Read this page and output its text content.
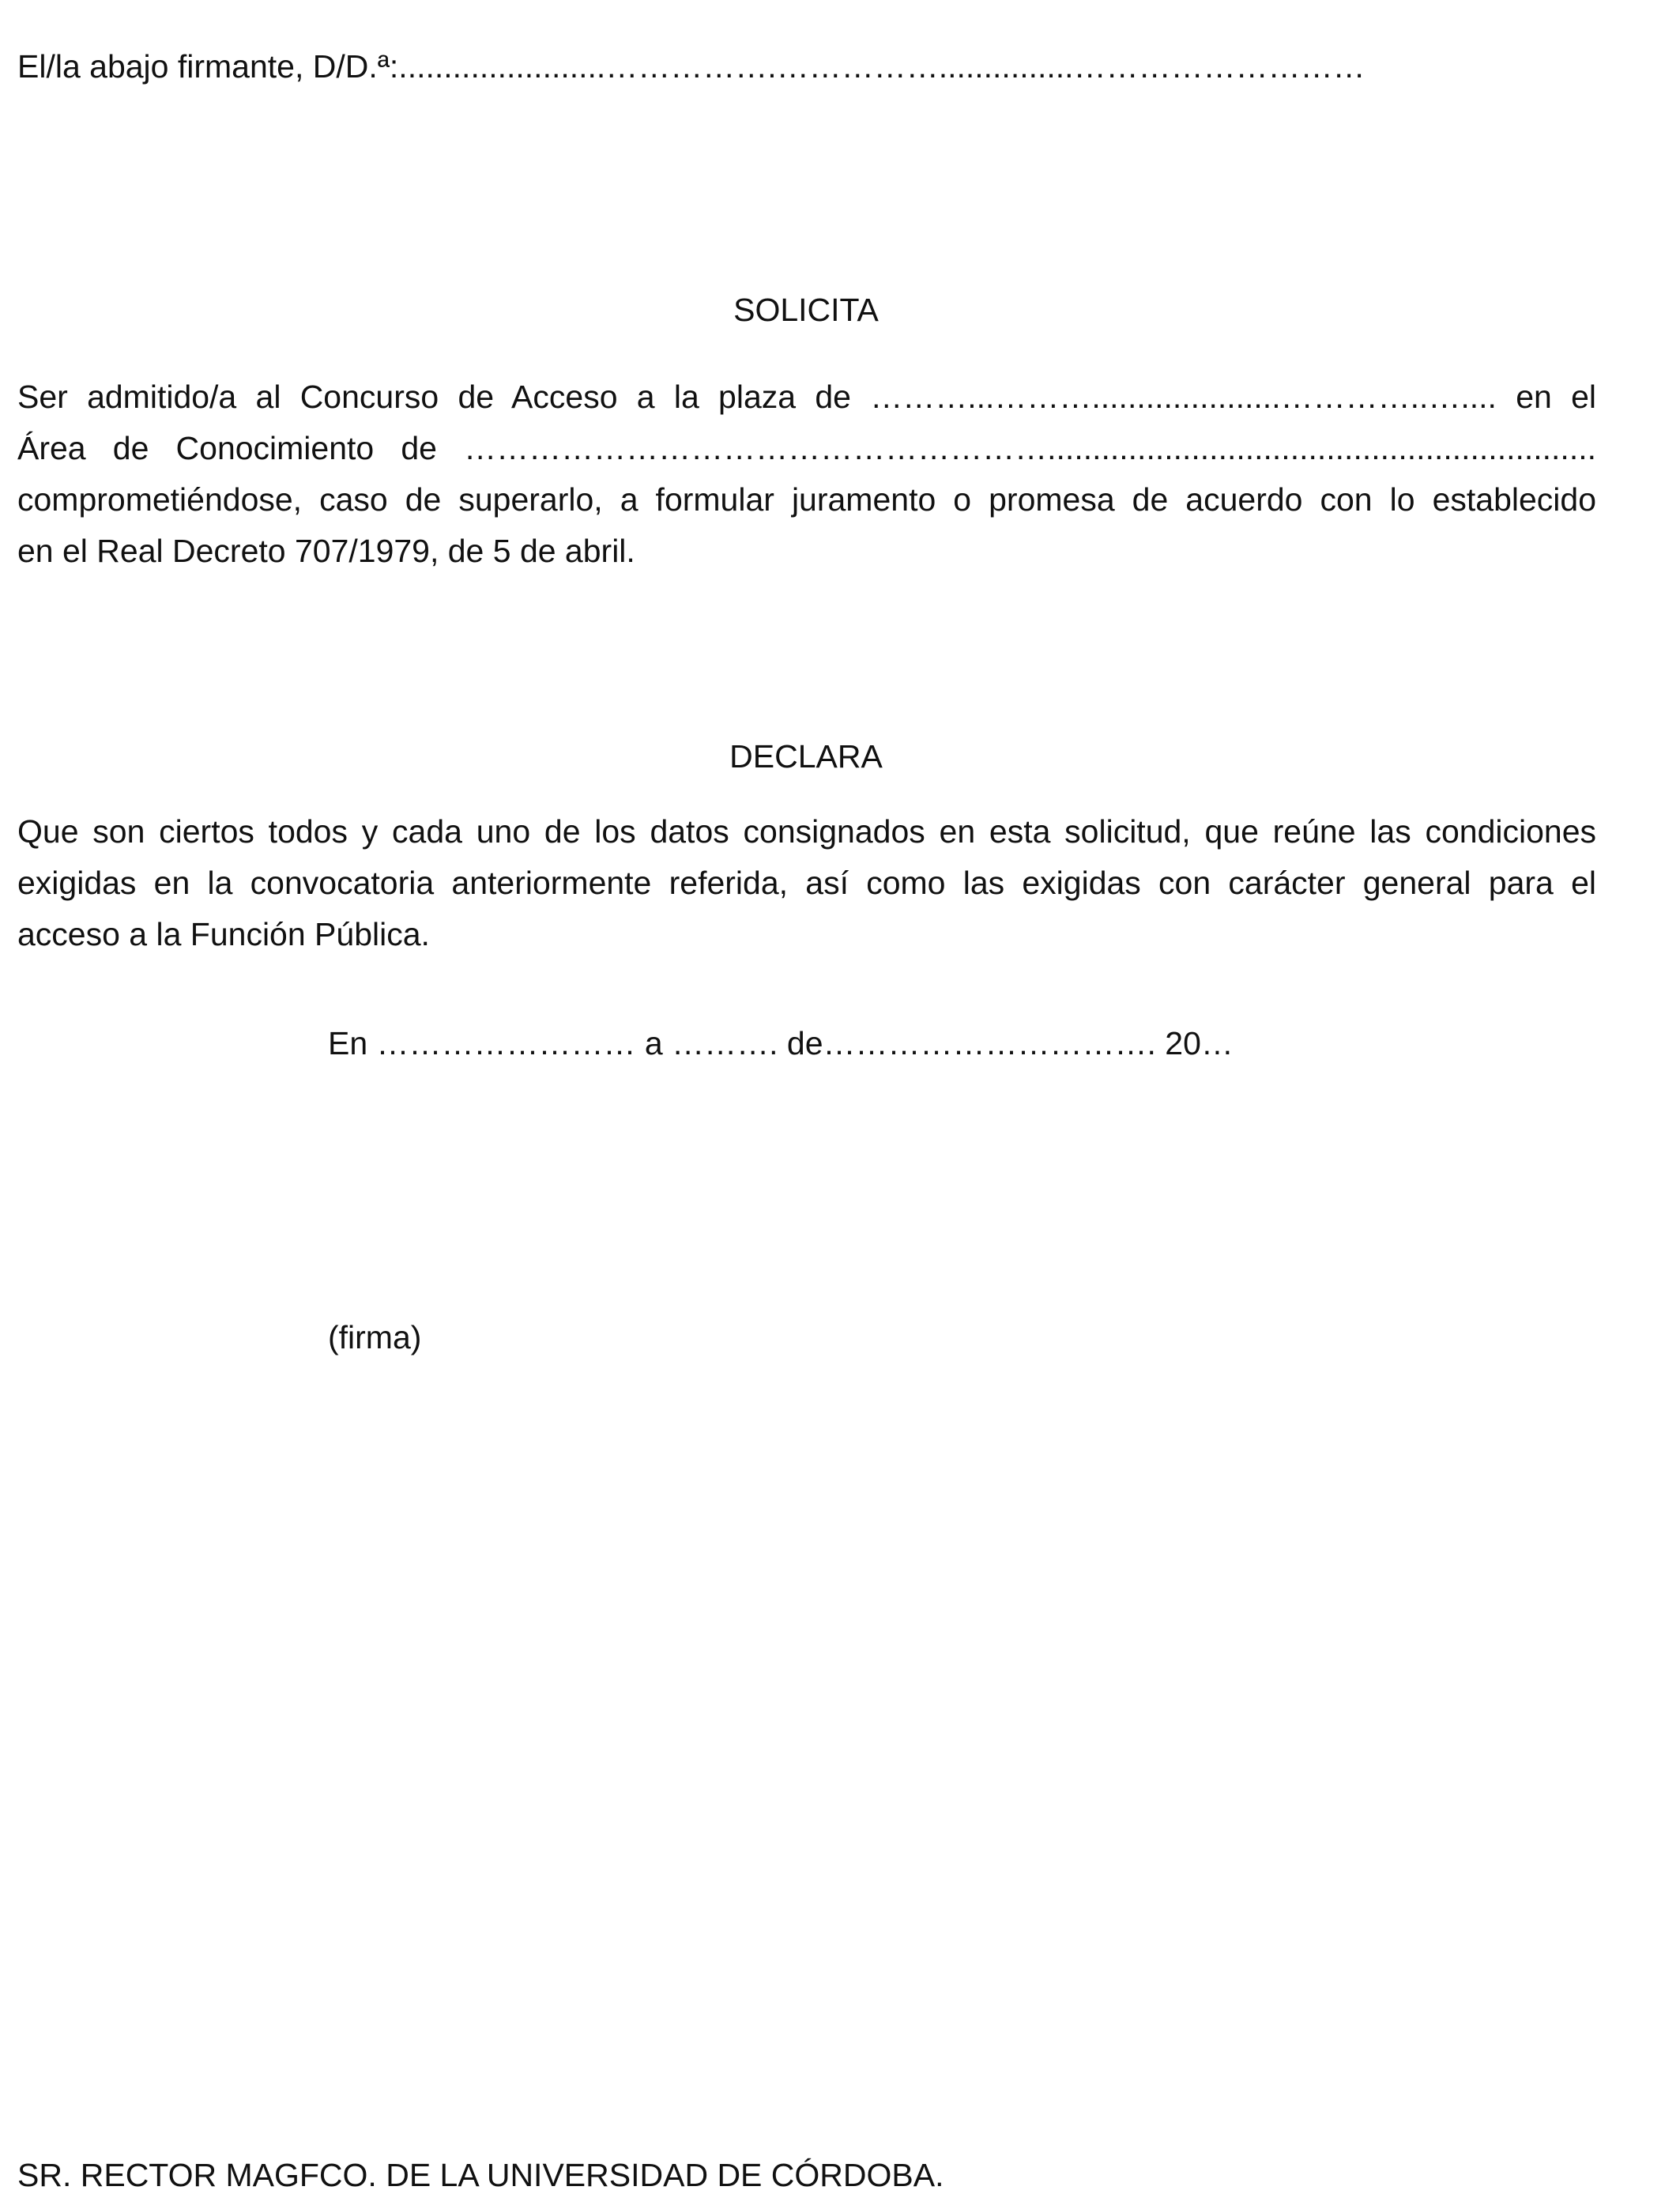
El/la abajo firmante, D/D.ª:.......................…………….……………...............………………………
SOLICITA
Ser admitido/a al Concurso de Acceso a la plaza de ………...……….....................…………..….... en el
Área de Conocimiento de ……………………………………………….............................................................
comprometiéndose, caso de superarlo, a formular juramento o promesa de acuerdo con lo establecido
en el Real Decreto 707/1979, de 5 de abril.
DECLARA
Que son ciertos todos y cada uno de los datos consignados en esta solicitud, que reúne las condiciones
exigidas en la convocatoria anteriormente referida, así como las exigidas con carácter general para el
acceso a la Función Pública.
En …………………… a ………. de…………………………. 20…
(firma)
SR. RECTOR MAGFCO. DE LA UNIVERSIDAD DE CÓRDOBA.
